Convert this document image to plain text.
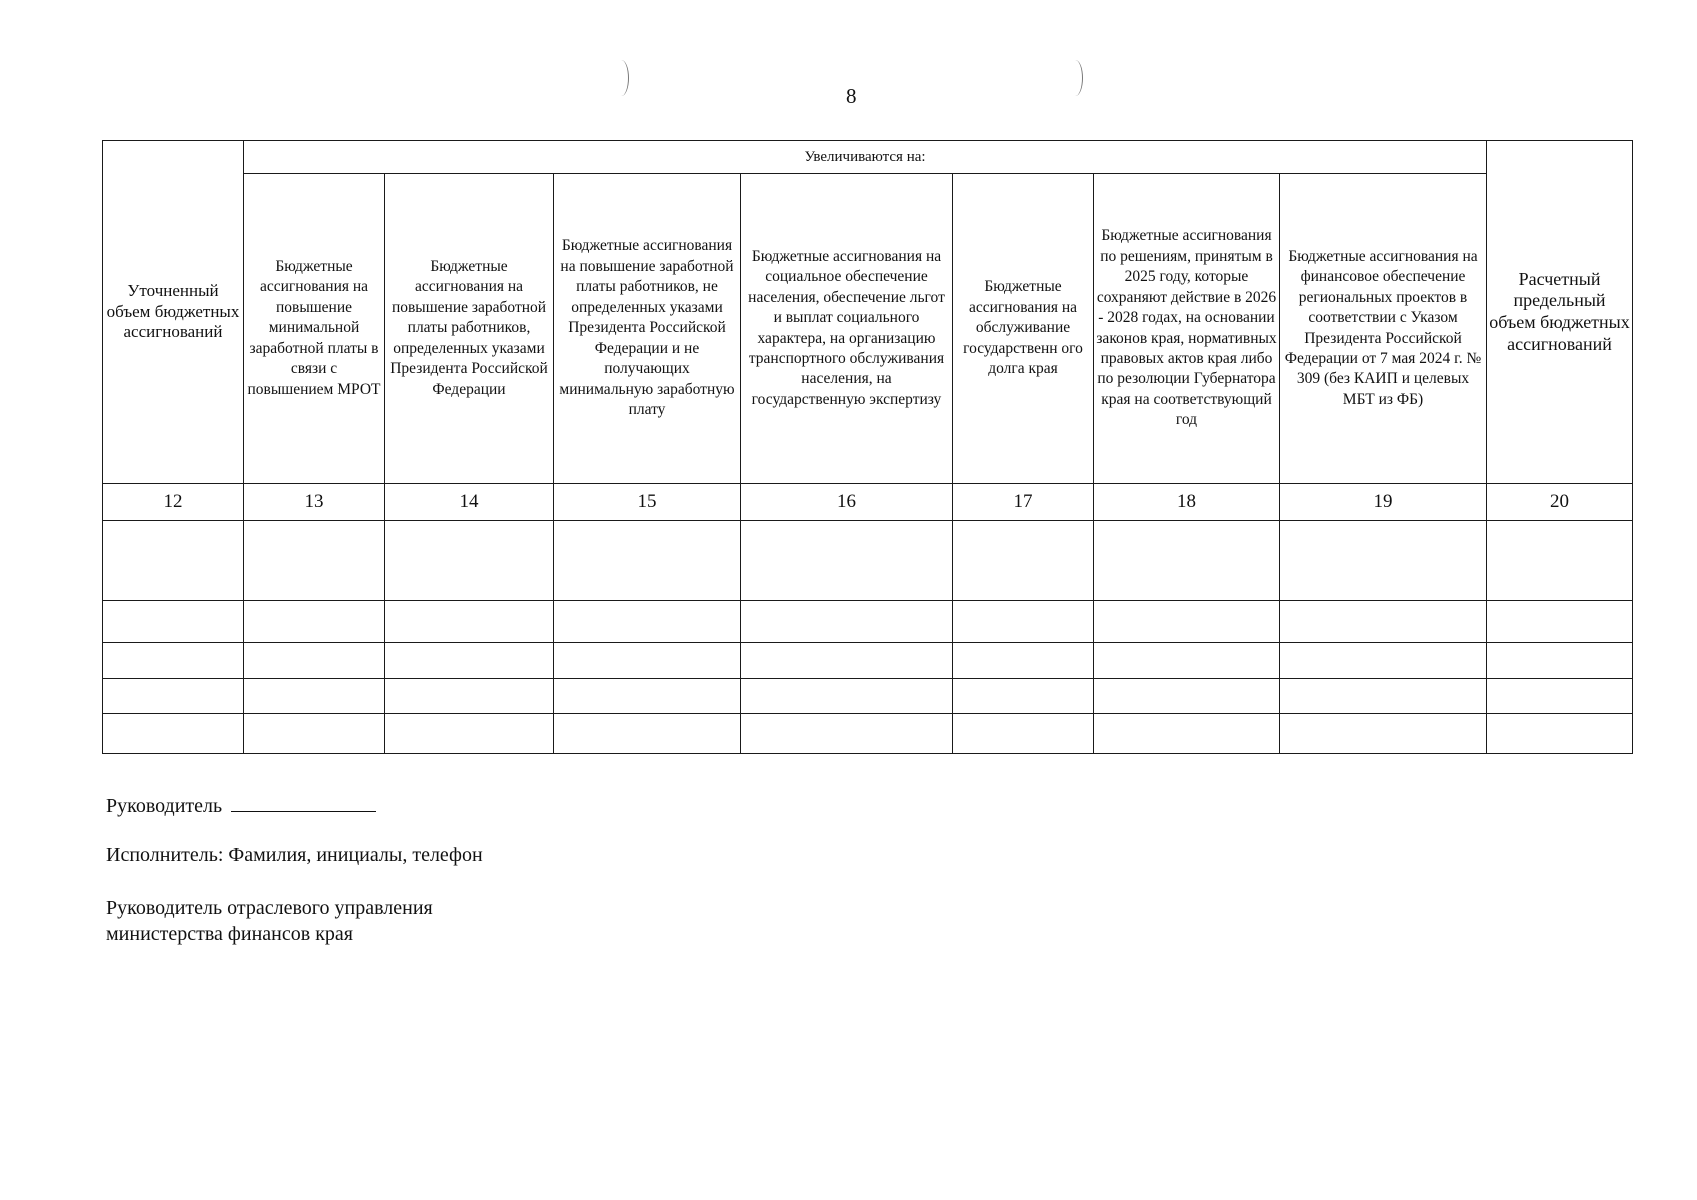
8
Уточненный объем бюджетных ассигнований	Увеличиваются на:							Расчетный предельный объем бюджетных ассигнований
	Бюджетные ассигнования на повышение минимальной заработной платы в связи с повышением МРОТ	Бюджетные ассигнования на повышение заработной платы работников, определенных указами Президента Российской Федерации	Бюджетные ассигнования на повышение заработной платы работников, не определенных указами Президента Российской Федерации и не получающих минимальную заработную плату	Бюджетные ассигнования на социальное обеспечение населения, обеспечение льгот и выплат социального характера, на организацию транспортного обслуживания населения, на государственную экспертизу	Бюджетные ассигнования на обслуживание государственн ого долга края	Бюджетные ассигнования по решениям, принятым в 2025 году, которые сохраняют действие в 2026 - 2028 годах, на основании законов края, нормативных правовых актов края либо по резолюции Губернатора края на соответствующий год	Бюджетные ассигнования на финансовое обеспечение региональных проектов в соответствии с Указом Президента Российской Федерации от 7 мая 2024 г. № 309 (без КАИП и целевых МБТ из ФБ)	
12	13	14	15	16	17	18	19	20

Руководитель
Исполнитель: Фамилия, инициалы, телефон
Руководитель отраслевого управления
министерства финансов края
